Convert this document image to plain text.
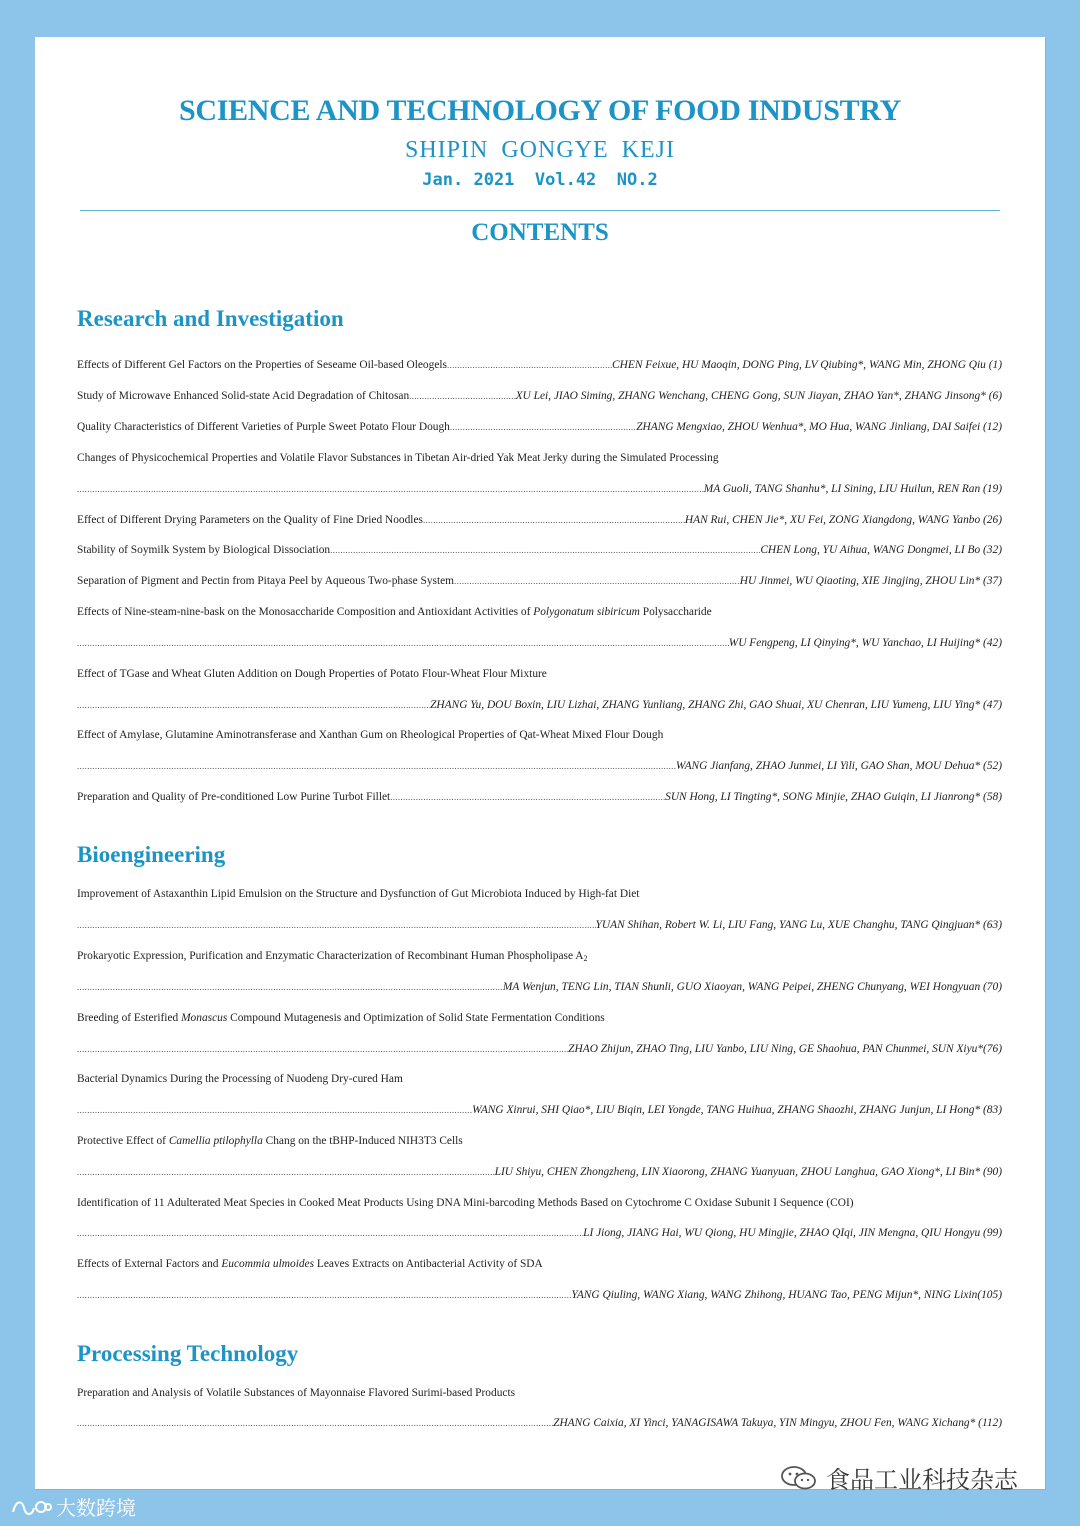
SCIENCE AND TECHNOLOGY OF FOOD INDUSTRY
SHIPIN GONGYE KEJI
Jan. 2021  Vol.42  NO.2
CONTENTS
Research and Investigation
Effects of Different Gel Factors on the Properties of Seseame Oil-based Oleogels .....	CHEN Feixue, HU Maoqin, DONG Ping, LV Qiubing*, WANG Min, ZHONG Qiu (1)
Study of Microwave Enhanced Solid-state Acid Degradation of Chitosan .....	XU Lei, JIAO Siming, ZHANG Wenchang, CHENG Gong, SUN Jiayan, ZHAO Yan*, ZHANG Jinsong* (6)
Quality Characteristics of Different Varieties of Purple Sweet Potato Flour Dough .....	ZHANG Mengxiao, ZHOU Wenhua*, MO Hua, WANG Jinliang, DAI Saifei (12)
Changes of Physicochemical Properties and Volatile Flavor Substances in Tibetan Air-dried Yak Meat Jerky during the Simulated Processing
.....
MA Guoli, TANG Shanhu*, LI Sining, LIU Huilun, REN Ran (19)
Effect of Different Drying Parameters on the Quality of Fine Dried Noodles .....	HAN Rui, CHEN Jie*, XU Fei, ZONG Xiangdong, WANG Yanbo (26)
Stability of Soymilk System by Biological Dissociation .....	CHEN Long, YU Aihua, WANG Dongmei, LI Bo (32)
Separation of Pigment and Pectin from Pitaya Peel by Aqueous Two-phase System .....	HU Jinmei, WU Qiaoting, XIE Jingjing, ZHOU Lin* (37)
Effects of Nine-steam-nine-bask on the Monosaccharide Composition and Antioxidant Activities of Polygonatum sibiricum Polysaccharide
.....
WU Fengpeng, LI Qinying*, WU Yanchao, LI Huijing* (42)
Effect of TGase and Wheat Gluten Addition on Dough Properties of Potato Flour-Wheat Flour Mixture
.....
ZHANG Yu, DOU Boxin, LIU Lizhai, ZHANG Yunliang, ZHANG Zhi, GAO Shuai, XU Chenran, LIU Yumeng, LIU Ying* (47)
Effect of Amylase, Glutamine Aminotransferase and Xanthan Gum on Rheological Properties of Qat-Wheat Mixed Flour Dough
.....
WANG Jianfang, ZHAO Junmei, LI Yili, GAO Shan, MOU Dehua* (52)
Preparation and Quality of Pre-conditioned Low Purine Turbot Fillet .....	SUN Hong, LI Tingting*, SONG Minjie, ZHAO Guiqin, LI Jianrong* (58)
Bioengineering
Improvement of Astaxanthin Lipid Emulsion on the Structure and Dysfunction of Gut Microbiota Induced by High-fat Diet
.....
YUAN Shihan, Robert W. Li, LIU Fang, YANG Lu, XUE Changhu, TANG Qingjuan* (63)
Prokaryotic Expression, Purification and Enzymatic Characterization of Recombinant Human Phospholipase $A_2$
.....
MA Wenjun, TENG Lin, TIAN Shunli, GUO Xiaoyan, WANG Peipei, ZHENG Chunyang, WEI Hongyuan (70)
Breeding of Esterified Monascus Compound Mutagenesis and Optimization of Solid State Fermentation Conditions
.....
ZHAO Zhijun, ZHAO Ting, LIU Yanbo, LIU Ning, GE Shaohua, PAN Chunmei, SUN Xiyu*(76)
Bacterial Dynamics During the Processing of Nuodeng Dry-cured Ham
.....
WANG Xinrui, SHI Qiao*, LIU Biqin, LEI Yongde, TANG Huihua, ZHANG Shaozhi, ZHANG Junjun, LI Hong* (83)
Protective Effect of Camellia ptilophylla Chang on the tBHP-Induced NIH3T3 Cells
.....
LIU Shiyu, CHEN Zhongzheng, LIN Xiaorong, ZHANG Yuanyuan, ZHOU Langhua, GAO Xiong*, LI Bin* (90)
Identification of 11 Adulterated Meat Species in Cooked Meat Products Using DNA Mini-barcoding Methods Based on Cytochrome C Oxidase Subunit I Sequence (COI)
.....
LI Jiong, JIANG Hai, WU Qiong, HU Mingjie, ZHAO QIqi, JIN Mengna, QIU Hongyu (99)
Effects of External Factors and Eucommia ulmoides Leaves Extracts on Antibacterial Activity of SDA
.....
YANG Qiuling, WANG Xiang, WANG Zhihong, HUANG Tao, PENG Mijun*, NING Lixin(105)
Processing Technology
Preparation and Analysis of Volatile Substances of Mayonnaise Flavored Surimi-based Products
.....
ZHANG Caixia, XI Yinci, YANAGISAWA Takuya, YIN Mingyu, ZHOU Fen, WANG Xichang* (112)
食品工业科技杂志
大数跨境
